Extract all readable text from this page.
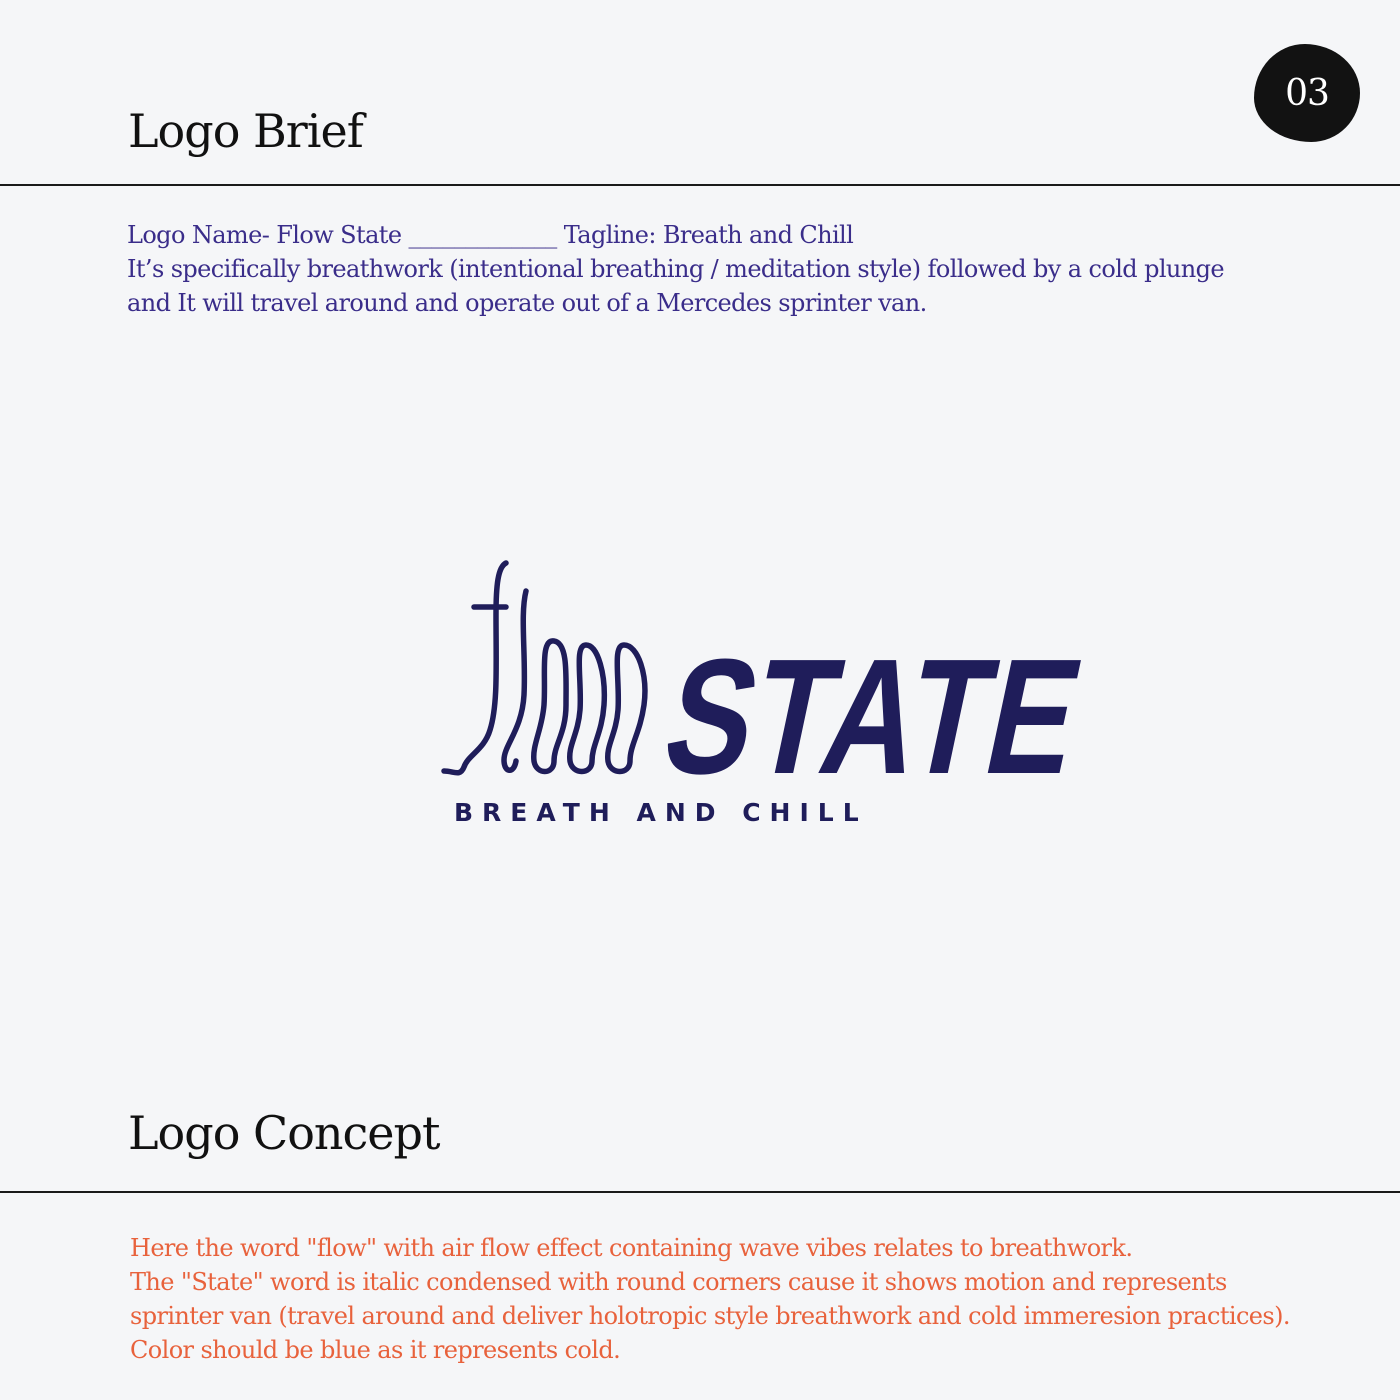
Logo Brief
03
Logo Name- Flow State _____________ Tagline: Breath and Chill
It’s specifically breathwork (intentional breathing / meditation style) followed by a cold plunge
and It will travel around and operate out of a Mercedes sprinter van.
STATE
BREATH AND CHILL
Logo Concept
Here the word "flow" with air flow effect containing wave vibes relates to breathwork.
The "State" word is italic condensed with round corners cause it shows motion and represents
sprinter van (travel around and deliver holotropic style breathwork and cold immeresion practices).
Color should be blue as it represents cold.
